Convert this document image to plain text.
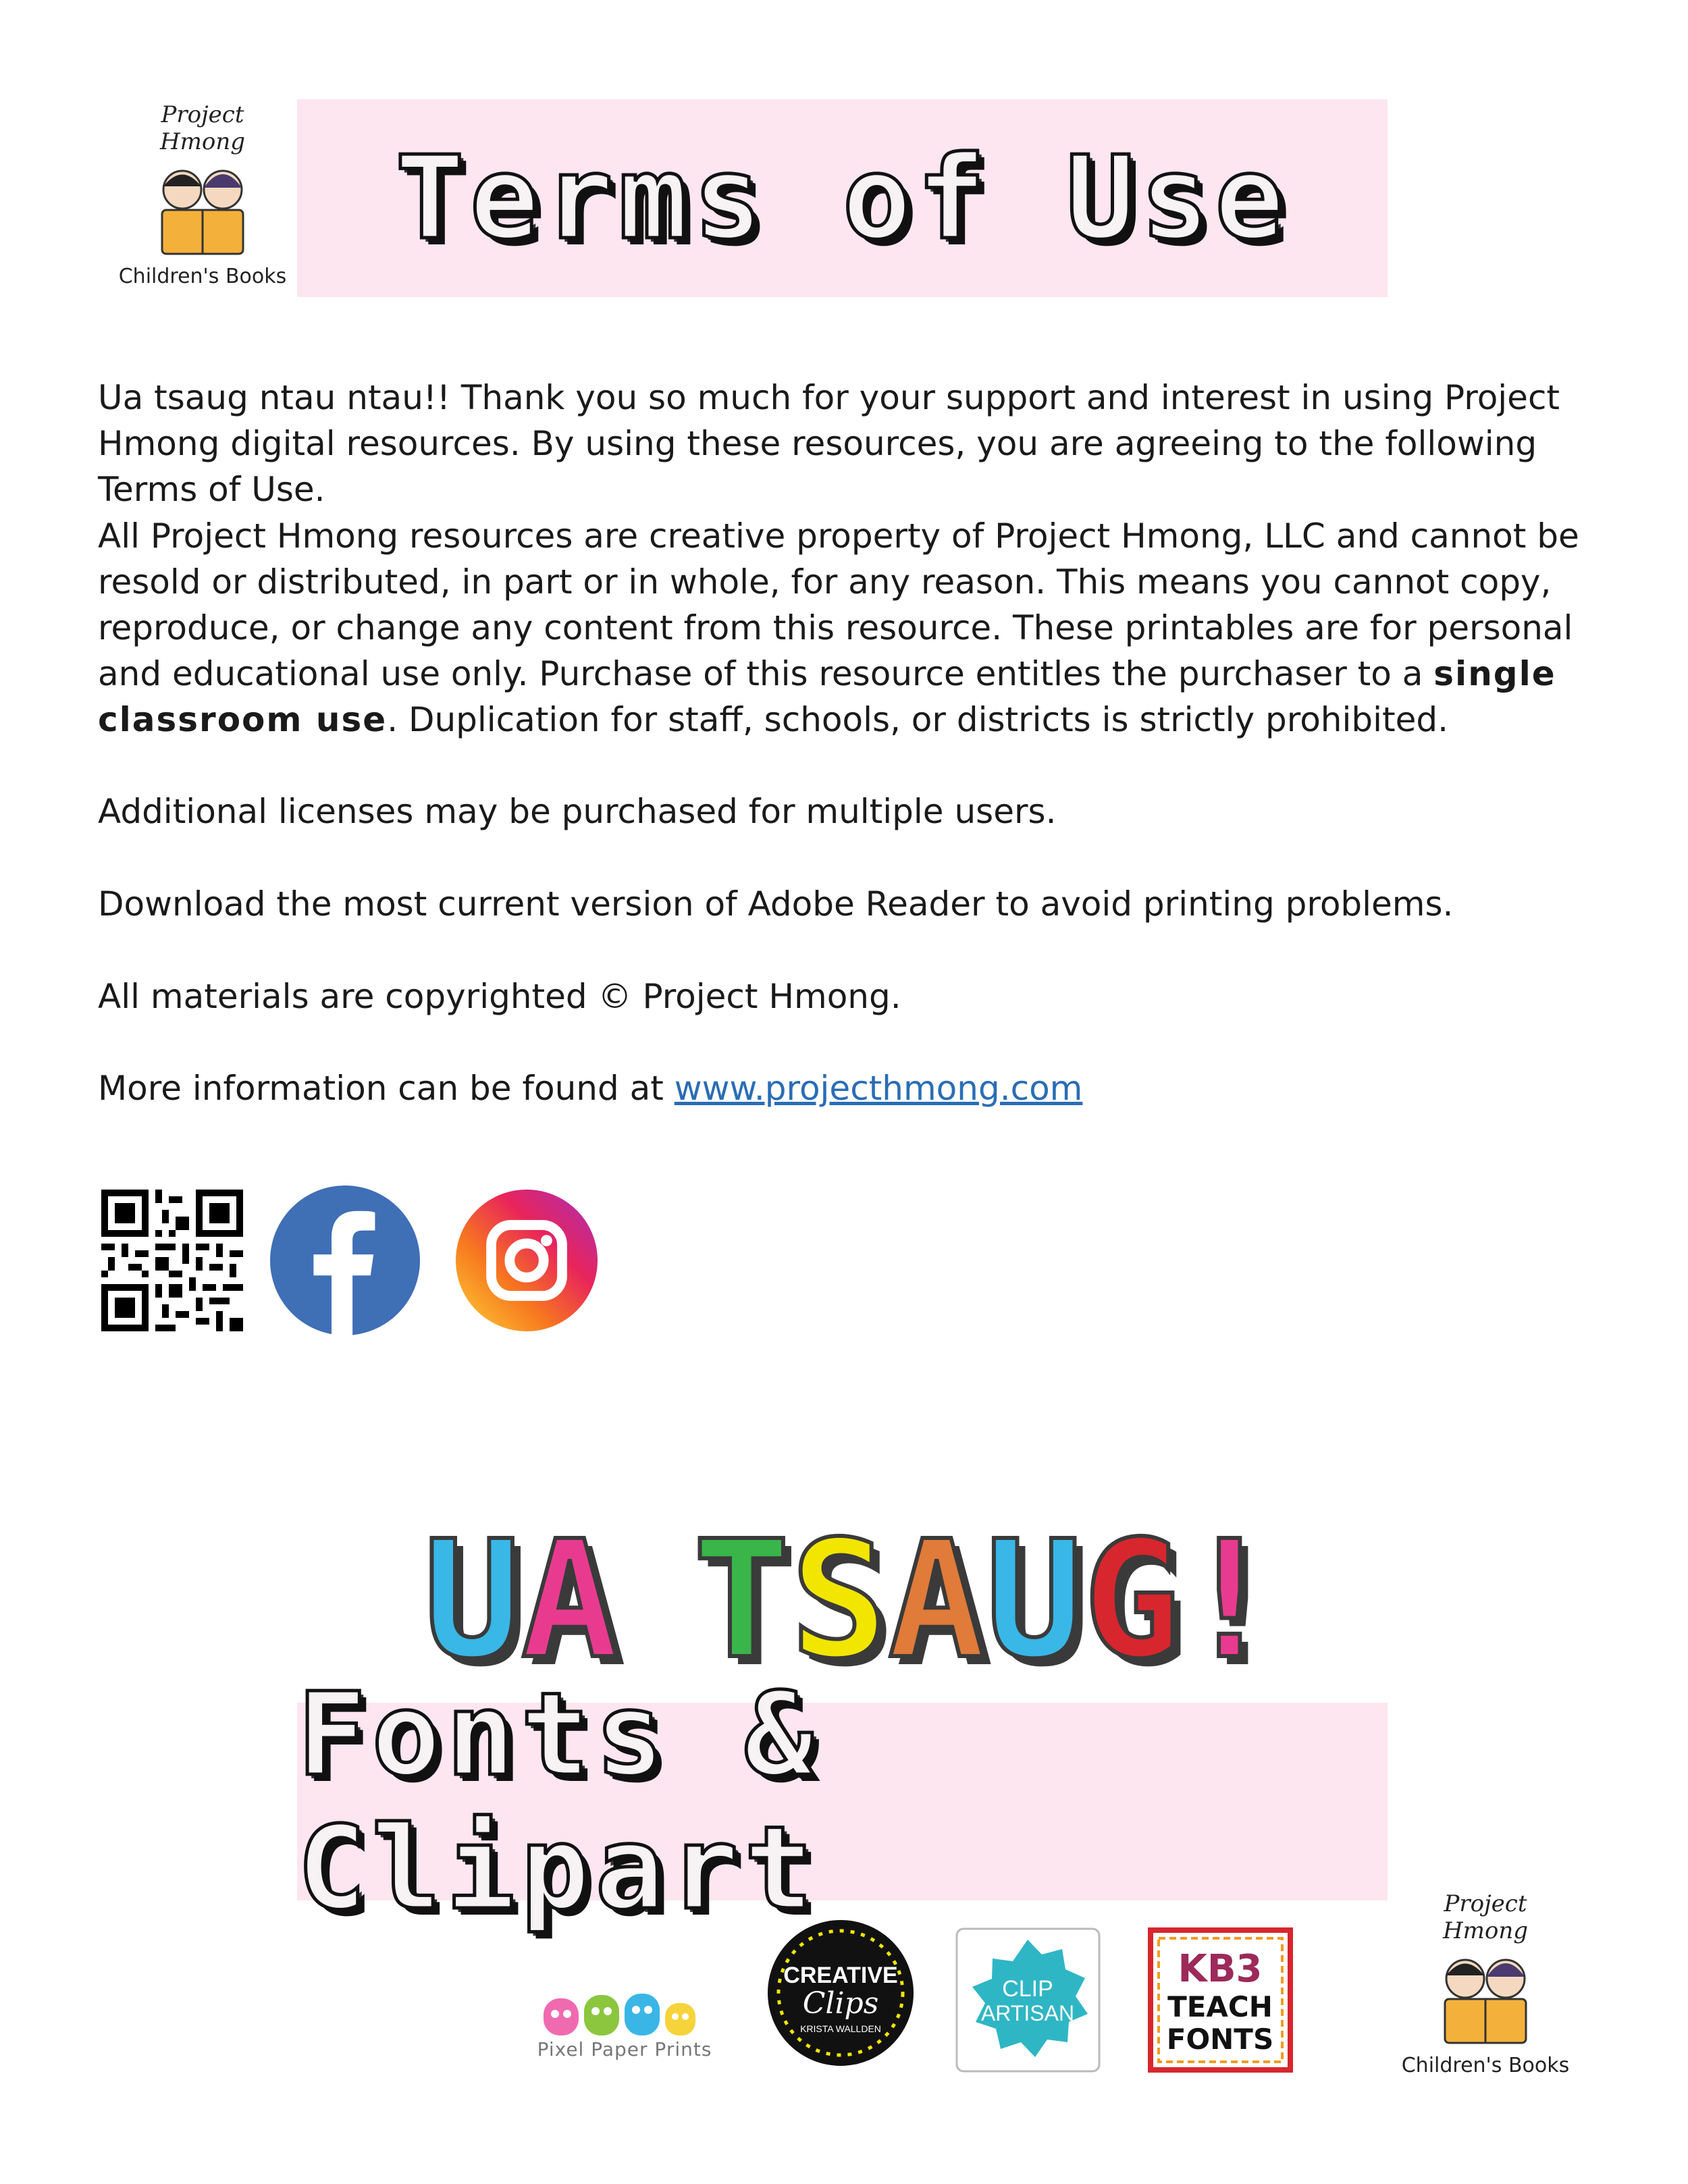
Project Hmong
Children's Books
Terms of Use

Ua tsaug ntau ntau!! Thank you so much for your support and interest in using Project Hmong digital resources. By using these resources, you are agreeing to the following Terms of Use.

All Project Hmong resources are creative property of Project Hmong, LLC and cannot be resold or distributed, in part or in whole, for any reason. This means you cannot copy, reproduce, or change any content from this resource. These printables are for personal and educational use only. Purchase of this resource entitles the purchaser to a single classroom use. Duplication for staff, schools, or districts is strictly prohibited.

Additional licenses may be purchased for multiple users.

Download the most current version of Adobe Reader to avoid printing problems.

All materials are copyrighted © Project Hmong.

More information can be found at www.projecthmong.com

U A T S A U G !
Fonts & Clipart
Pixel Paper Prints
CREATIVE
Clips
KRISTA WALLDEN
CLIP
ARTISAN
KB3
TEACH
FONTS
Project Hmong
Children's Books
